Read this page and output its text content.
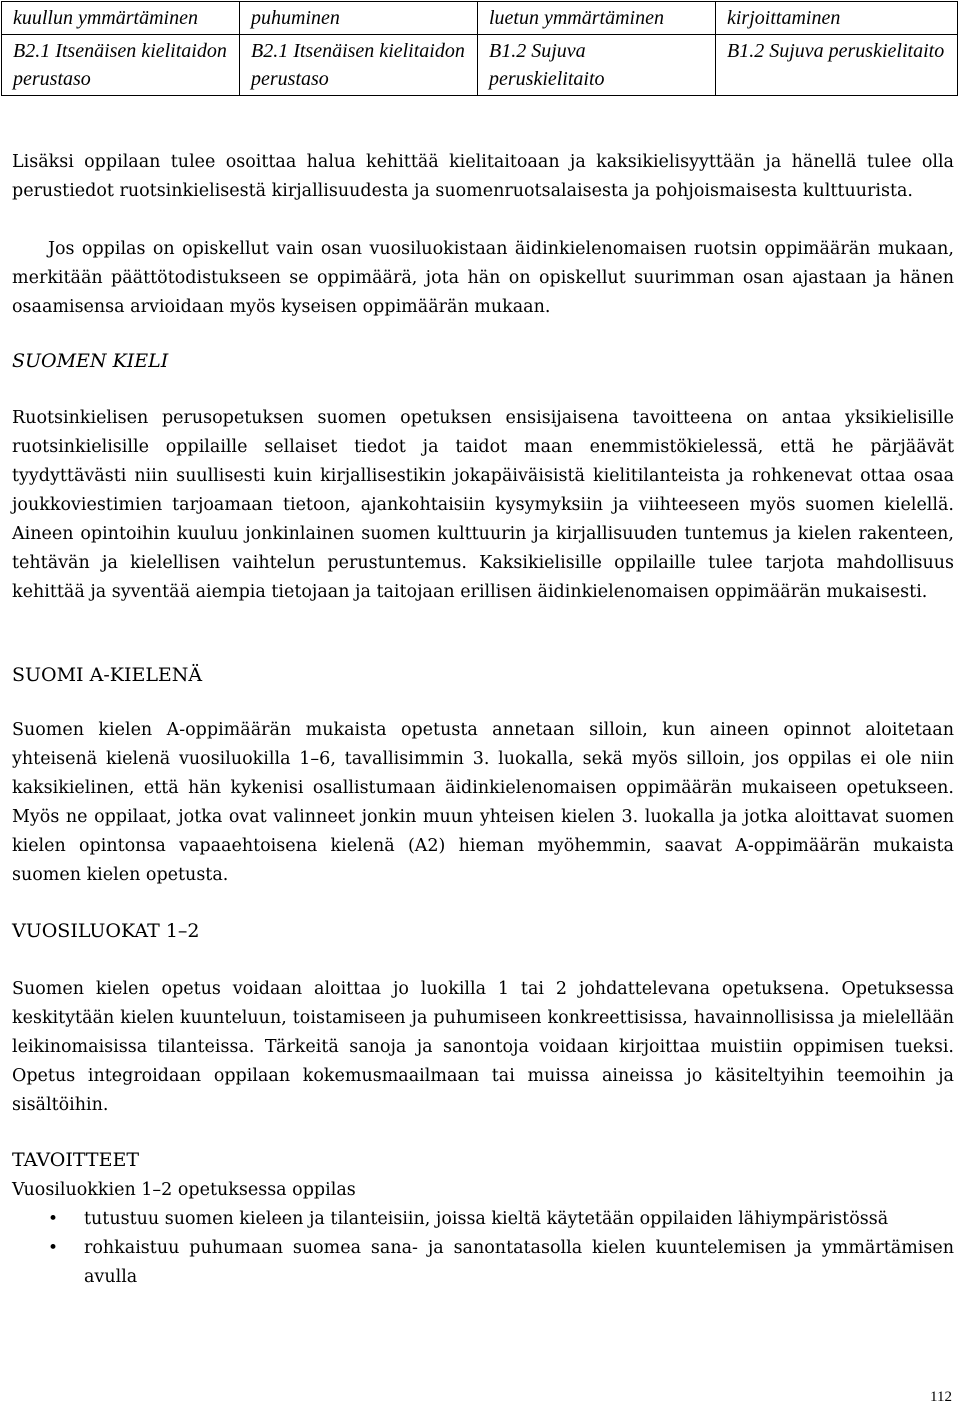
kuullun ymmärtäminen	puhuminen	luetun ymmärtäminen	kirjoittaminen
B2.1 Itsenäisen kielitaidon perustaso	B2.1 Itsenäisen kielitaidon perustaso	B1.2 Sujuva peruskielitaito	B1.2 Sujuva peruskielitaito

Lisäksi oppilaan tulee osoittaa halua kehittää kielitaitoaan ja kaksikielisyyttään ja hänellä tulee olla perustiedot ruotsinkielisestä kirjallisuudesta ja suomenruotsalaisesta ja pohjoismaisesta kulttuurista.

Jos oppilas on opiskellut vain osan vuosiluokistaan äidinkielenomaisen ruotsin oppimäärän mukaan, merkitään päättötodistukseen se oppimäärä, jota hän on opiskellut suurimman osan ajastaan ja hänen osaamisensa arvioidaan myös kyseisen oppimäärän mukaan.

SUOMEN KIELI

Ruotsinkielisen perusopetuksen suomen opetuksen ensisijaisena tavoitteena on antaa yksikielisille ruotsinkielisille oppilaille sellaiset tiedot ja taidot maan enemmistökielessä, että he pärjäävät tyydyttävästi niin suullisesti kuin kirjallisestikin jokapäiväisistä kielitilanteista ja rohkenevat ottaa osaa joukkoviestimien tarjoamaan tietoon, ajankohtaisiin kysymyksiin ja viihteeseen myös suomen kielellä. Aineen opintoihin kuuluu jonkinlainen suomen kulttuurin ja kirjallisuuden tuntemus ja kielen rakenteen, tehtävän ja kielellisen vaihtelun perustuntemus. Kaksikielisille oppilaille tulee tarjota mahdollisuus kehittää ja syventää aiempia tietojaan ja taitojaan erillisen äidinkielenomaisen oppimäärän mukaisesti.

SUOMI A-KIELENÄ

Suomen kielen A-oppimäärän mukaista opetusta annetaan silloin, kun aineen opinnot aloitetaan yhteisenä kielenä vuosiluokilla 1–6, tavallisimmin 3. luokalla, sekä myös silloin, jos oppilas ei ole niin kaksikielinen, että hän kykenisi osallistumaan äidinkielenomaisen oppimäärän mukaiseen opetukseen. Myös ne oppilaat, jotka ovat valinneet jonkin muun yhteisen kielen 3. luokalla ja jotka aloittavat suomen kielen opintonsa vapaaehtoisena kielenä (A2) hieman myöhemmin, saavat A-oppimäärän mukaista suomen kielen opetusta.

VUOSILUOKAT 1–2

Suomen kielen opetus voidaan aloittaa jo luokilla 1 tai 2 johdattelevana opetuksena. Opetuksessa keskitytään kielen kuunteluun, toistamiseen ja puhumiseen konkreettisissa, havainnollisissa ja mielellään leikinomaisissa tilanteissa. Tärkeitä sanoja ja sanontoja voidaan kirjoittaa muistiin oppimisen tueksi. Opetus integroidaan oppilaan kokemusmaailmaan tai muissa aineissa jo käsiteltyihin teemoihin ja sisältöihin.

TAVOITTEET

Vuosiluokkien 1–2 opetuksessa oppilas

• tutustuu suomen kieleen ja tilanteisiin, joissa kieltä käytetään oppilaiden lähiympäristössä
• rohkaistuu puhumaan suomea sana- ja sanontatasolla kielen kuuntelemisen ja ymmärtämisen avulla
112
